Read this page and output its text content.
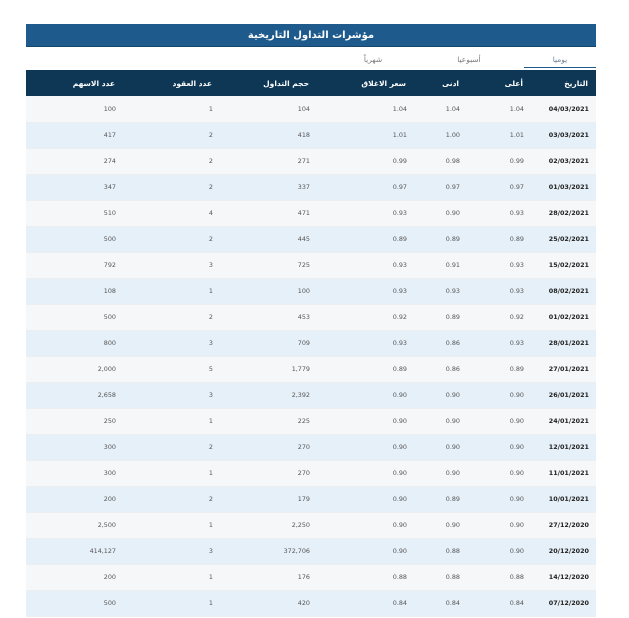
مؤشرات التداول التاريخية
يوميا
أسبوعيا
شهرياً
عدد الاسهم	عدد العقود	حجم التداول	سعر الاغلاق	ادنى	أعلى	التاريخ
100	1	104	1.04	1.04	1.04	04/03/2021
417	2	418	1.01	1.00	1.01	03/03/2021
274	2	271	0.99	0.98	0.99	02/03/2021
347	2	337	0.97	0.97	0.97	01/03/2021
510	4	471	0.93	0.90	0.93	28/02/2021
500	2	445	0.89	0.89	0.89	25/02/2021
792	3	725	0.93	0.91	0.93	15/02/2021
108	1	100	0.93	0.93	0.93	08/02/2021
500	2	453	0.92	0.89	0.92	01/02/2021
800	3	709	0.93	0.86	0.93	28/01/2021
2,000	5	1,779	0.89	0.86	0.89	27/01/2021
2,658	3	2,392	0.90	0.90	0.90	26/01/2021
250	1	225	0.90	0.90	0.90	24/01/2021
300	2	270	0.90	0.90	0.90	12/01/2021
300	1	270	0.90	0.90	0.90	11/01/2021
200	2	179	0.90	0.89	0.90	10/01/2021
2,500	1	2,250	0.90	0.90	0.90	27/12/2020
414,127	3	372,706	0.90	0.88	0.90	20/12/2020
200	1	176	0.88	0.88	0.88	14/12/2020
500	1	420	0.84	0.84	0.84	07/12/2020
